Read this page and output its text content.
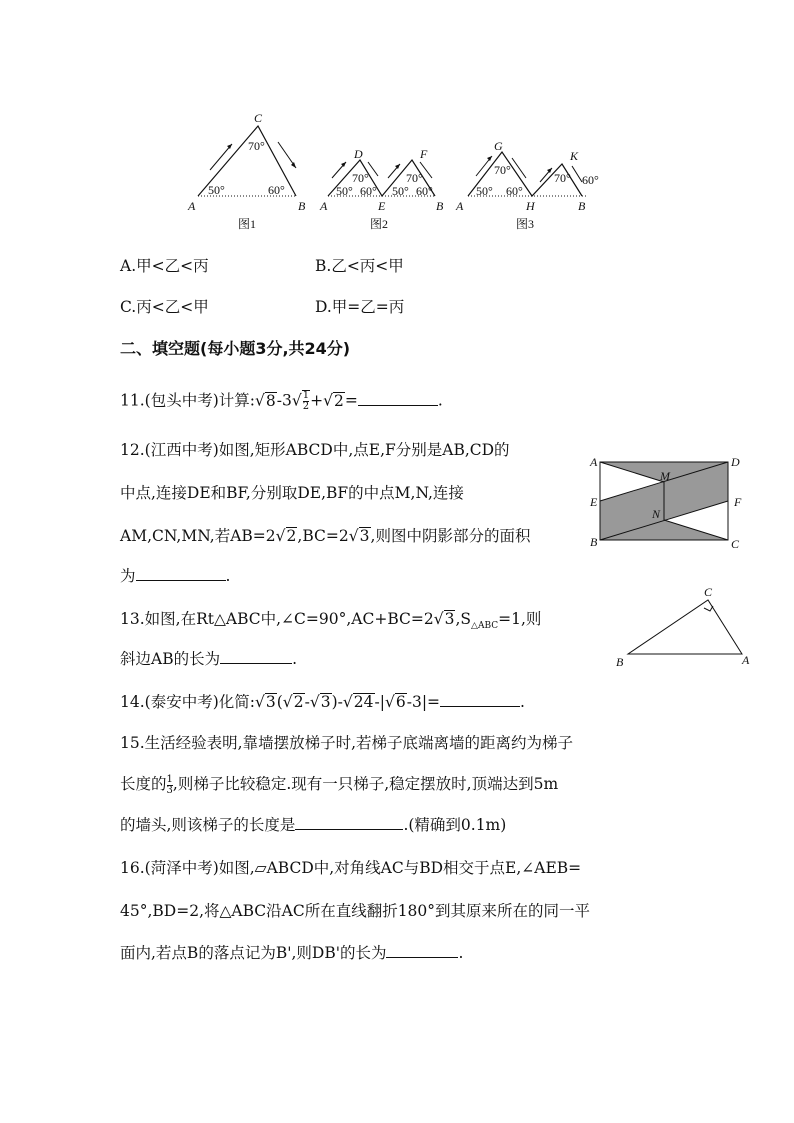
C
A	B
70°
50°	60°
图1
D	F
A	E	B
70°	70°
50° 60° 50° 60°
图2
G
K
A	H	B
70°
70°
50° 60°
60°
图3
A.甲<乙<丙	B.乙<丙<甲
C.丙<乙<甲	D.甲=乙=丙
二、填空题(每小题3分,共24分)
11.(包头中考)计算:√8-3√ $\frac{1}{2} +√2=$	.
12.(江西中考)如图,矩形ABCD中,点E,F分别是AB,CD的
中点,连接DE和BF,分别取DE,BF的中点M,N,连接
AM,CN,MN,若AB=2√2,BC=2√3,则图中阴影部分的面积
为	.
A	D
E	F
B	C
M
N
13.如图,在Rt△ABC中$,\angle C=90^\circ,AC+BC=2√3,S_{\triangle ABC}=1$,则
斜边AB的长为	.	B	A
C
14.(泰安中考)化简:√3(√2-√3)-√24-|√6-3|=	.
15.生活经验表明,靠墙摆放梯子时,若梯子底端离墙的距离约为梯子
长度的 $\frac{1}{3}$ ,则梯子比较稳定.现有一只梯子,稳定摆放时,顶端达到5m
的墙头,则该梯子的长度是	.(精确到0.1m)
16.(菏泽中考)如图,▱ABCD中,对角线AC与BD相交于点E,∠AEB=
45°,BD=2,将△ABC沿AC所在直线翻折180°到其原来所在的同一平
面内,若点B的落点记为B',则DB'的长为	.
